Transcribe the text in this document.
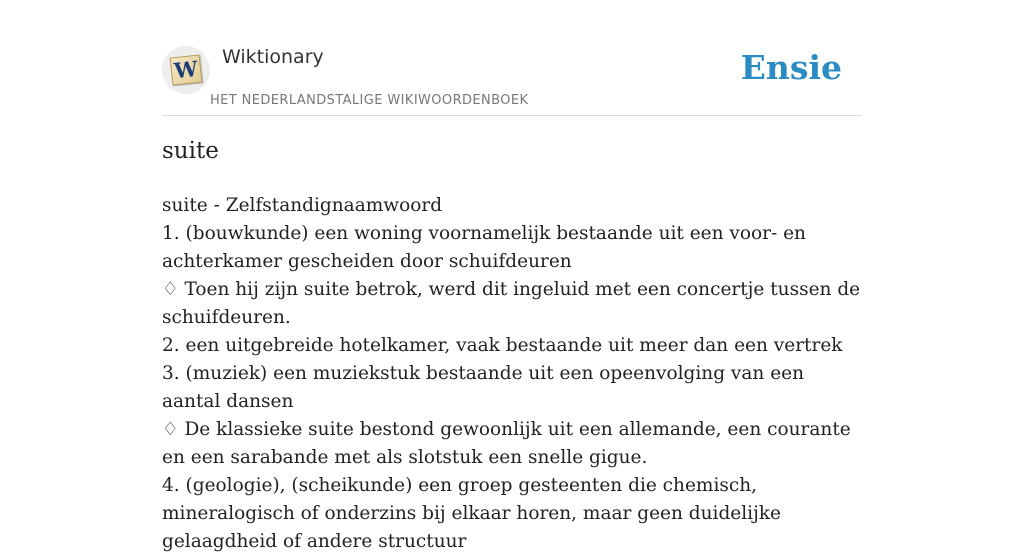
W Wiktionary
HET NEDERLANDSTALIGE WIKIWOORDENBOEK
Ensie
suite
suite - Zelfstandignaamwoord
1. (bouwkunde) een woning voornamelijk bestaande uit een voor- en achterkamer gescheiden door schuifdeuren
♢ Toen hij zijn suite betrok, werd dit ingeluid met een concertje tussen de schuifdeuren.
2. een uitgebreide hotelkamer, vaak bestaande uit meer dan een vertrek
3. (muziek) een muziekstuk bestaande uit een opeenvolging van een aantal dansen
♢ De klassieke suite bestond gewoonlijk uit een allemande, een courante en een sarabande met als slotstuk een snelle gigue.
4. (geologie), (scheikunde) een groep gesteenten die chemisch, mineralogisch of onderzins bij elkaar horen, maar geen duidelijke gelaagdheid of andere structuur
